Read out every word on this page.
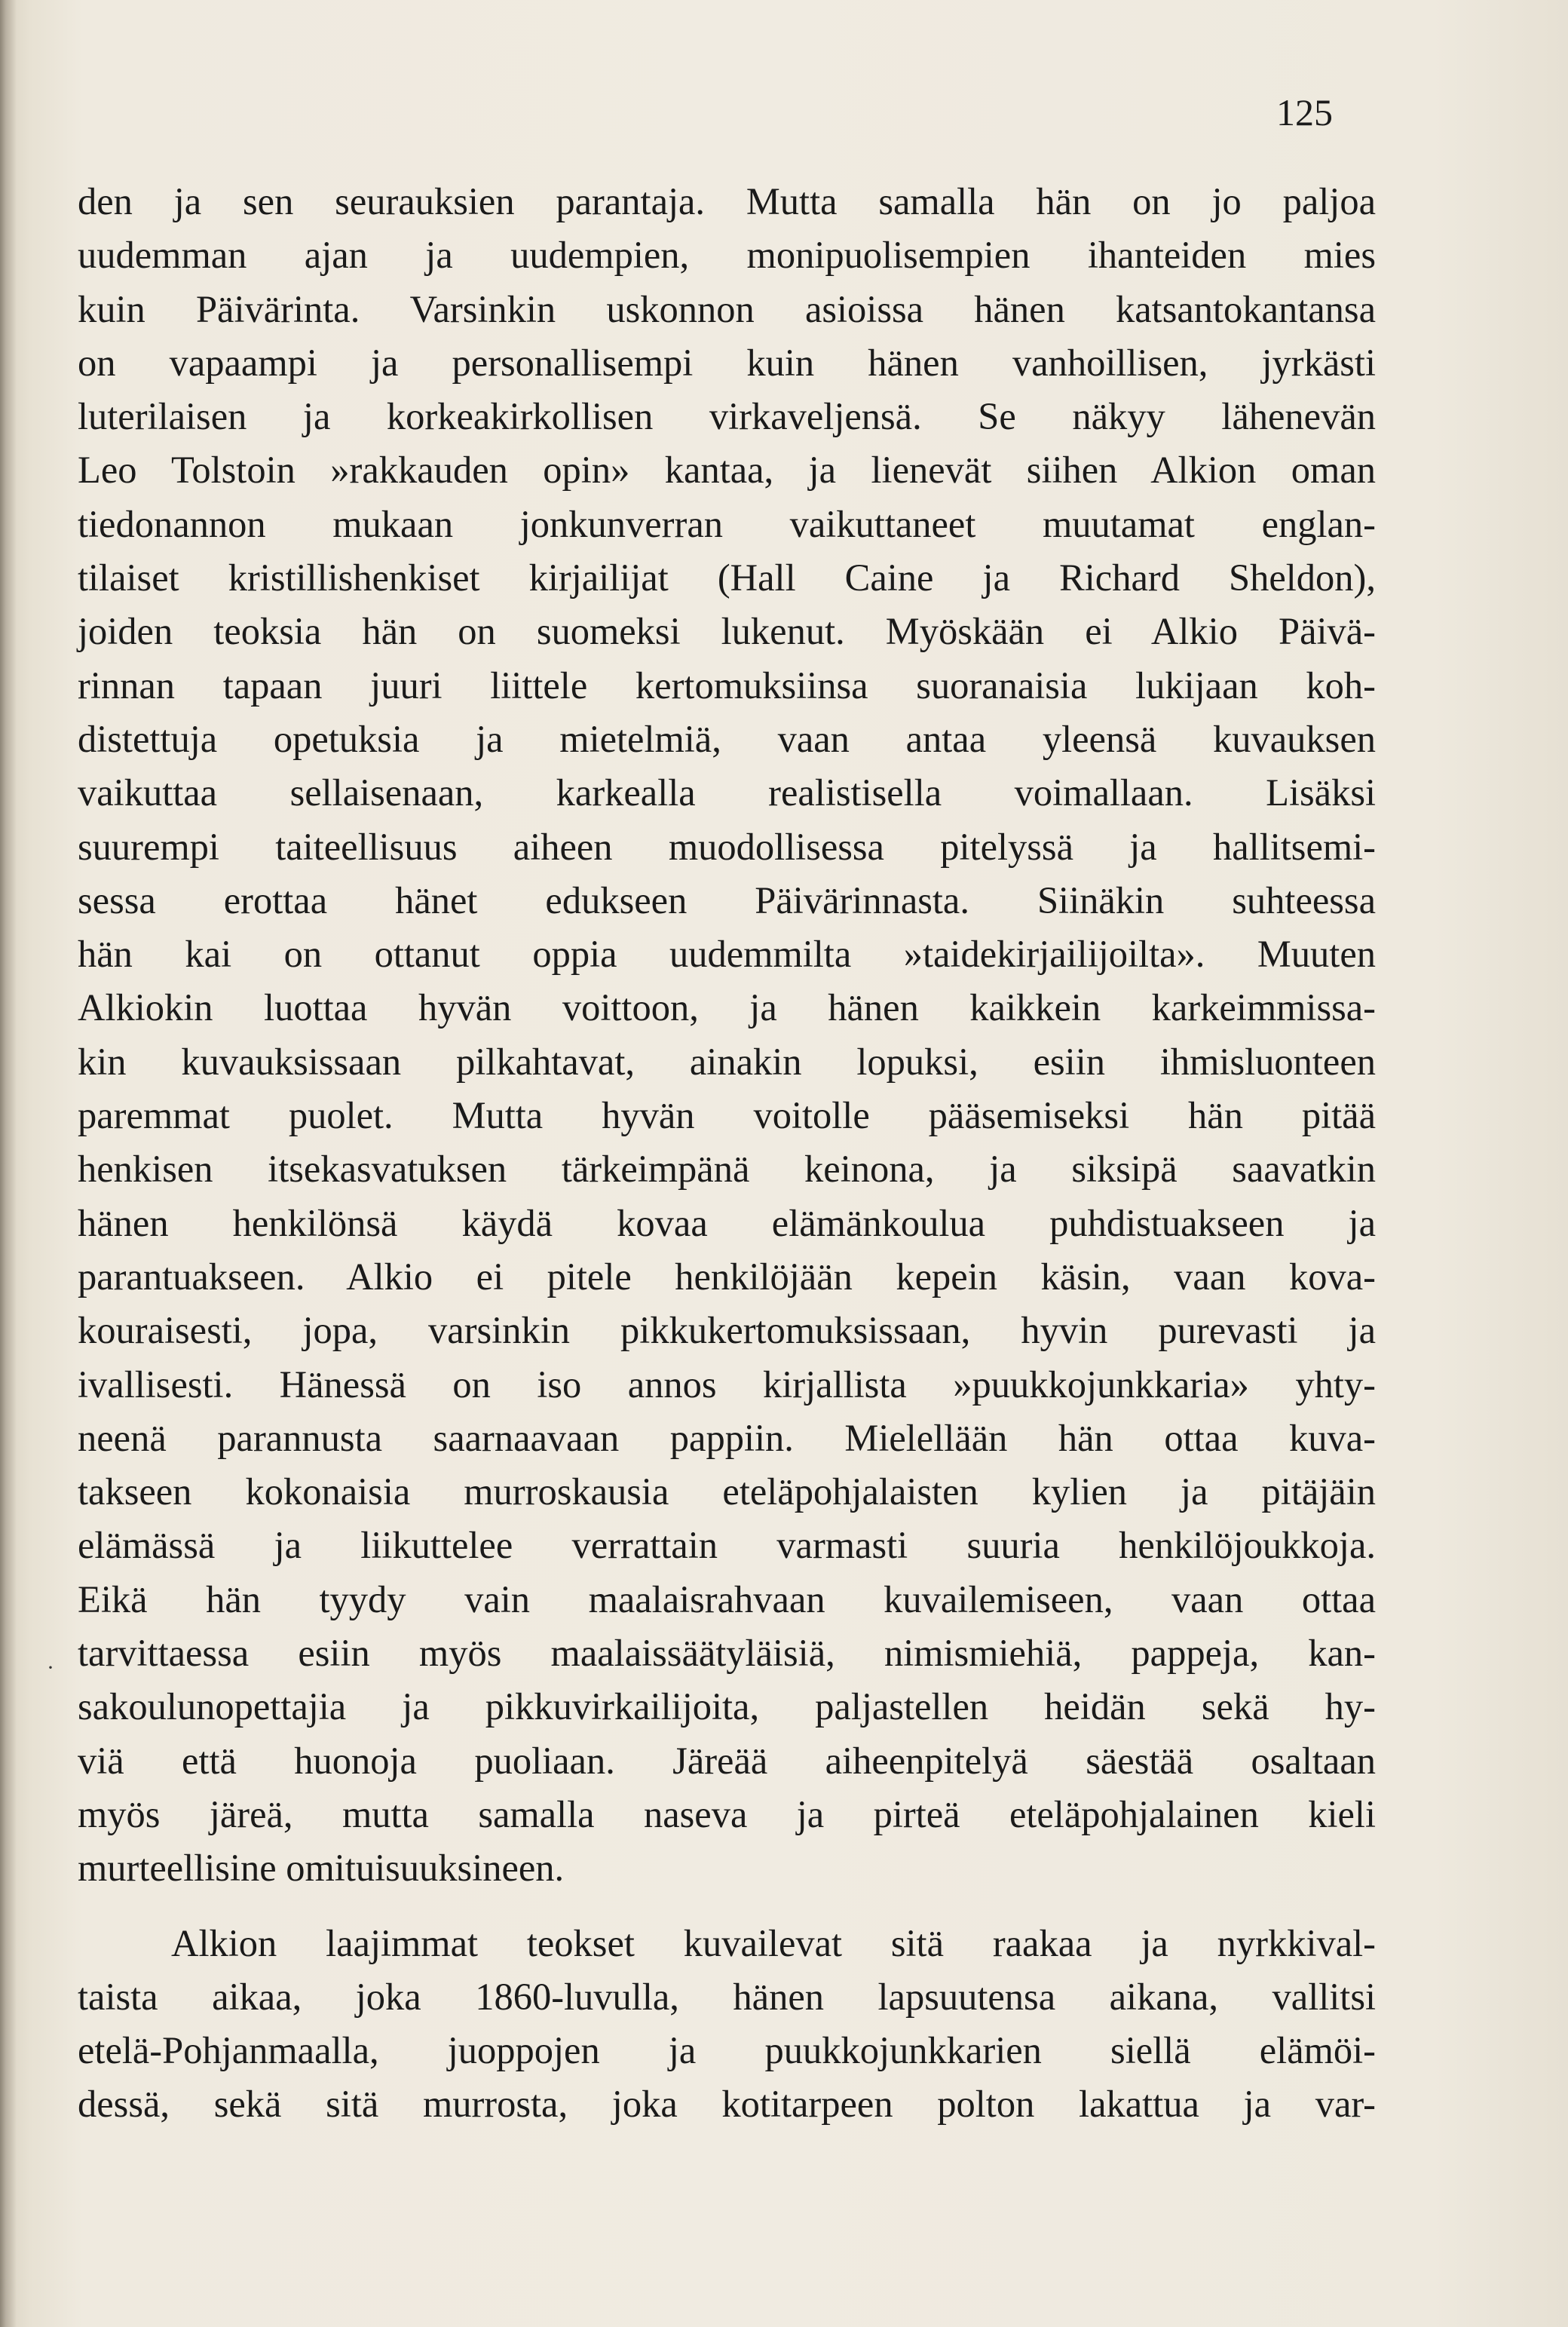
125
·
den ja sen seurauksien parantaja. Mutta samalla hän on jo paljoa
uudemman ajan ja uudempien, monipuolisempien ihanteiden mies
kuin Päivärinta. Varsinkin uskonnon asioissa hänen katsantokantansa
on vapaampi ja personallisempi kuin hänen vanhoillisen, jyrkästi
luterilaisen ja korkeakirkollisen virkaveljensä. Se näkyy lähenevän
Leo Tolstoin »rakkauden opin» kantaa, ja lienevät siihen Alkion oman
tiedonannon mukaan jonkunverran vaikuttaneet muutamat englan-
tilaiset kristillishenkiset kirjailijat (Hall Caine ja Richard Sheldon),
joiden teoksia hän on suomeksi lukenut. Myöskään ei Alkio Päivä-
rinnan tapaan juuri liittele kertomuksiinsa suoranaisia lukijaan koh-
distettuja opetuksia ja mietelmiä, vaan antaa yleensä kuvauksen
vaikuttaa sellaisenaan, karkealla realistisella voimallaan. Lisäksi
suurempi taiteellisuus aiheen muodollisessa pitelyssä ja hallitsemi-
sessa erottaa hänet edukseen Päivärinnasta. Siinäkin suhteessa
hän kai on ottanut oppia uudemmilta »taidekirjailijoilta». Muuten
Alkiokin luottaa hyvän voittoon, ja hänen kaikkein karkeimmissa-
kin kuvauksissaan pilkahtavat, ainakin lopuksi, esiin ihmisluonteen
paremmat puolet. Mutta hyvän voitolle pääsemiseksi hän pitää
henkisen itsekasvatuksen tärkeimpänä keinona, ja siksipä saavatkin
hänen henkilönsä käydä kovaa elämänkoulua puhdistuakseen ja
parantuakseen. Alkio ei pitele henkilöjään kepein käsin, vaan kova-
kouraisesti, jopa, varsinkin pikkukertomuksissaan, hyvin purevasti ja
ivallisesti. Hänessä on iso annos kirjallista »puukkojunkkaria» yhty-
neenä parannusta saarnaavaan pappiin. Mielellään hän ottaa kuva-
takseen kokonaisia murroskausia eteläpohjalaisten kylien ja pitäjäin
elämässä ja liikuttelee verrattain varmasti suuria henkilöjoukkoja.
Eikä hän tyydy vain maalaisrahvaan kuvailemiseen, vaan ottaa
tarvittaessa esiin myös maalaissäätyläisiä, nimismiehiä, pappeja, kan-
sakoulunopettajia ja pikkuvirkailijoita, paljastellen heidän sekä hy-
viä että huonoja puoliaan. Järeää aiheenpitelyä säestää osaltaan
myös järeä, mutta samalla naseva ja pirteä eteläpohjalainen kieli
murteellisine omituisuuksineen.
Alkion laajimmat teokset kuvailevat sitä raakaa ja nyrkkival-
taista aikaa, joka 1860-luvulla, hänen lapsuutensa aikana, vallitsi
etelä-Pohjanmaalla, juoppojen ja puukkojunkkarien siellä elämöi-
dessä, sekä sitä murrosta, joka kotitarpeen polton lakattua ja var-
